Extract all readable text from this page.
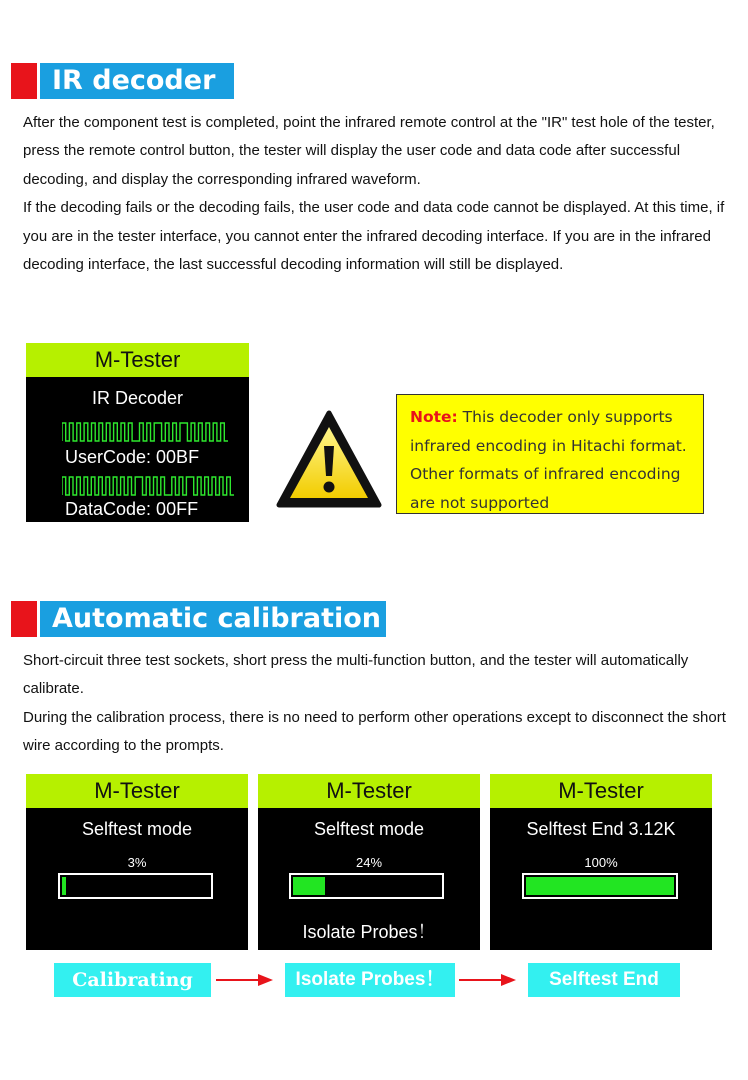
IR decoder

After the component test is completed, point the infrared remote control at the "IR" test hole of the tester, press the remote control button, the tester will display the user code and data code after successful decoding, and display the corresponding infrared waveform.

If the decoding fails or the decoding fails, the user code and data code cannot be displayed. At this time, if you are in the tester interface, you cannot enter the infrared decoding interface. If you are in the infrared decoding interface, the last successful decoding information will still be displayed.

M-Tester
IR Decoder
UserCode: 00BF
DataCode: 00FF
Note: This decoder only supports infrared encoding in Hitachi format. Other formats of infrared encoding are not supported
Automatic calibration

Short-circuit three test sockets, short press the multi-function button, and the tester will automatically calibrate.

During the calibration process, there is no need to perform other operations except to disconnect the short wire according to the prompts.

M-Tester
Selftest mode
3%
M-Tester
Selftest mode
24%
Isolate Probes！
M-Tester
Selftest End 3.12K
100%
Calibrating	Isolate Probes！	Selftest End
